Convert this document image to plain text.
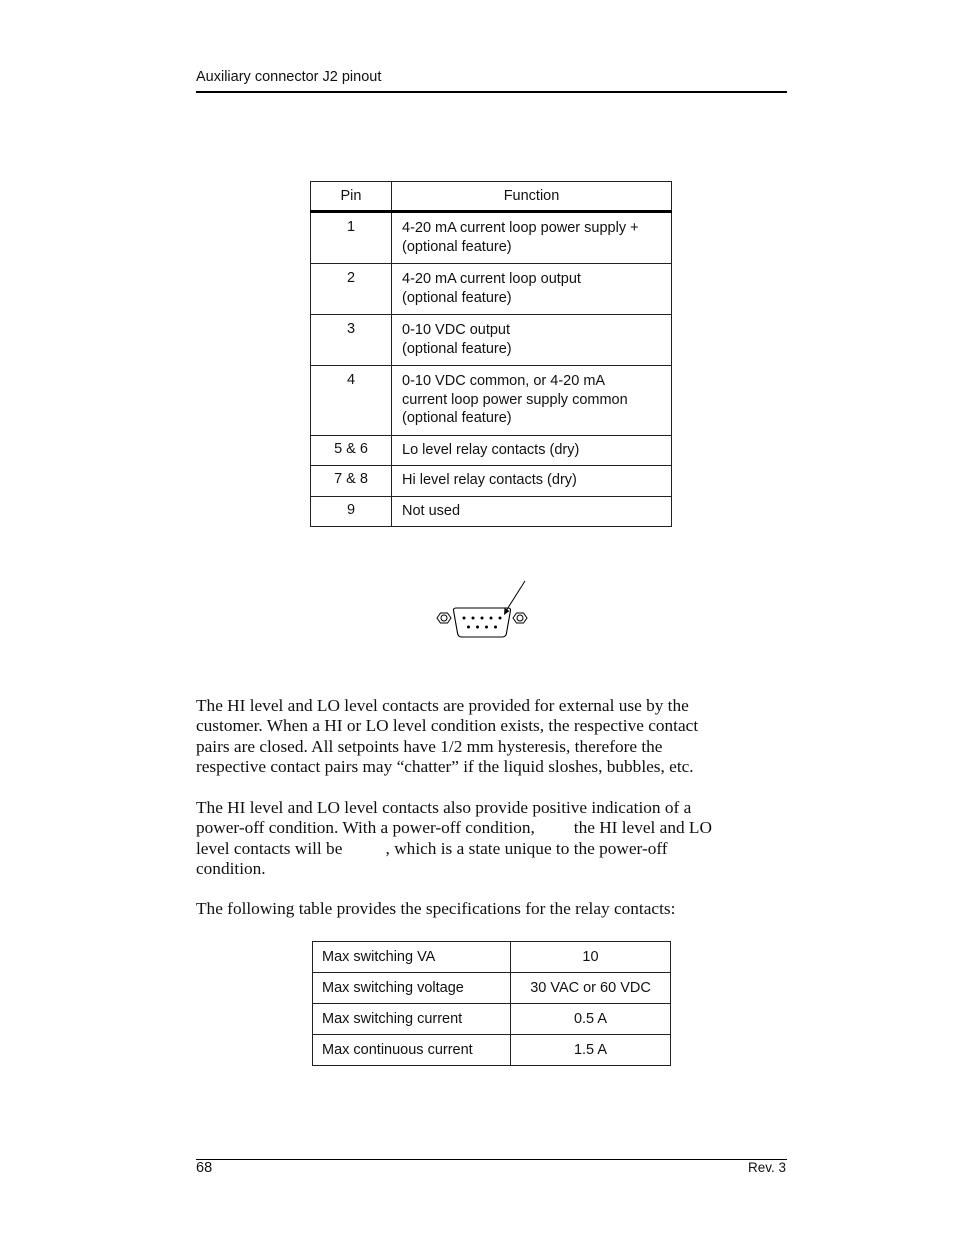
Auxiliary connector J2 pinout
Pin	Function
1	4-20 mA current loop power supply +
(optional feature)
2	4-20 mA current loop output
(optional feature)
3	0-10 VDC output
(optional feature)
4	0-10 VDC common, or 4-20 mA
current loop power supply common
(optional feature)
5 & 6	Lo level relay contacts (dry)
7 & 8	Hi level relay contacts (dry)
9	Not used
The HI level and LO level contacts are provided for external use by the
customer. When a HI or LO level condition exists, the respective contact
pairs are closed. All setpoints have 1/2 mm hysteresis, therefore the
respective contact pairs may “chatter” if the liquid sloshes, bubbles, etc.
The HI level and LO level contacts also provide positive indication of a
power-off condition. With a power-off condition,         the HI level and LO
level contacts will be          , which is a state unique to the power-off
condition.
The following table provides the specifications for the relay contacts:
Max switching VA	10
Max switching voltage	30 VAC or 60 VDC
Max switching current	0.5 A
Max continuous current	1.5 A
68	Rev. 3
